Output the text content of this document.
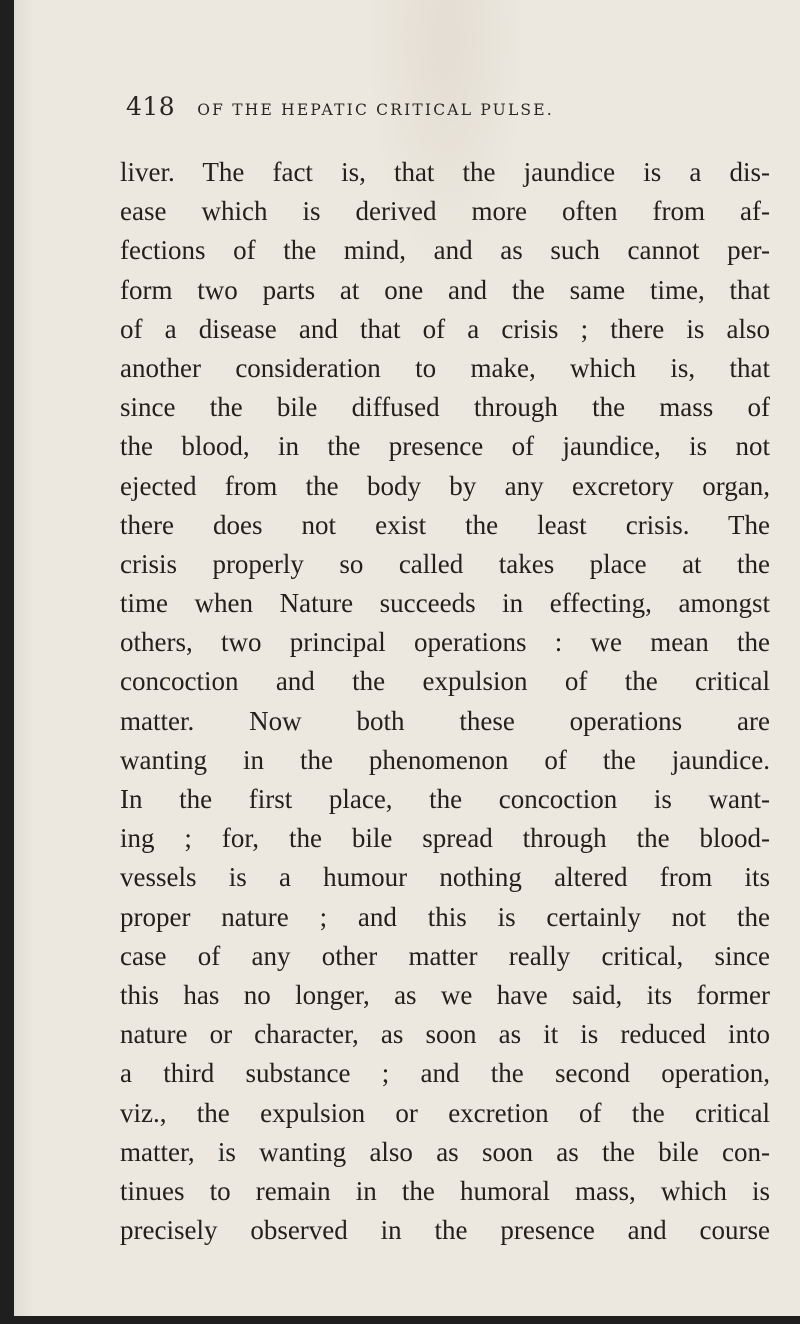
418 OF THE HEPATIC CRITICAL PULSE.
liver. The fact is, that the jaundice is a dis-
ease which is derived more often from af-
fections of the mind, and as such cannot per-
form two parts at one and the same time, that
of a disease and that of a crisis ; there is also
another consideration to make, which is, that
since the bile diffused through the mass of
the blood, in the presence of jaundice, is not
ejected from the body by any excretory organ,
there does not exist the least crisis. The
crisis properly so called takes place at the
time when Nature succeeds in effecting, amongst
others, two principal operations : we mean the
concoction and the expulsion of the critical
matter. Now both these operations are
wanting in the phenomenon of the jaundice.
In the first place, the concoction is want-
ing ; for, the bile spread through the blood-
vessels is a humour nothing altered from its
proper nature ; and this is certainly not the
case of any other matter really critical, since
this has no longer, as we have said, its former
nature or character, as soon as it is reduced into
a third substance ; and the second operation,
viz., the expulsion or excretion of the critical
matter, is wanting also as soon as the bile con-
tinues to remain in the humoral mass, which is
precisely observed in the presence and course
